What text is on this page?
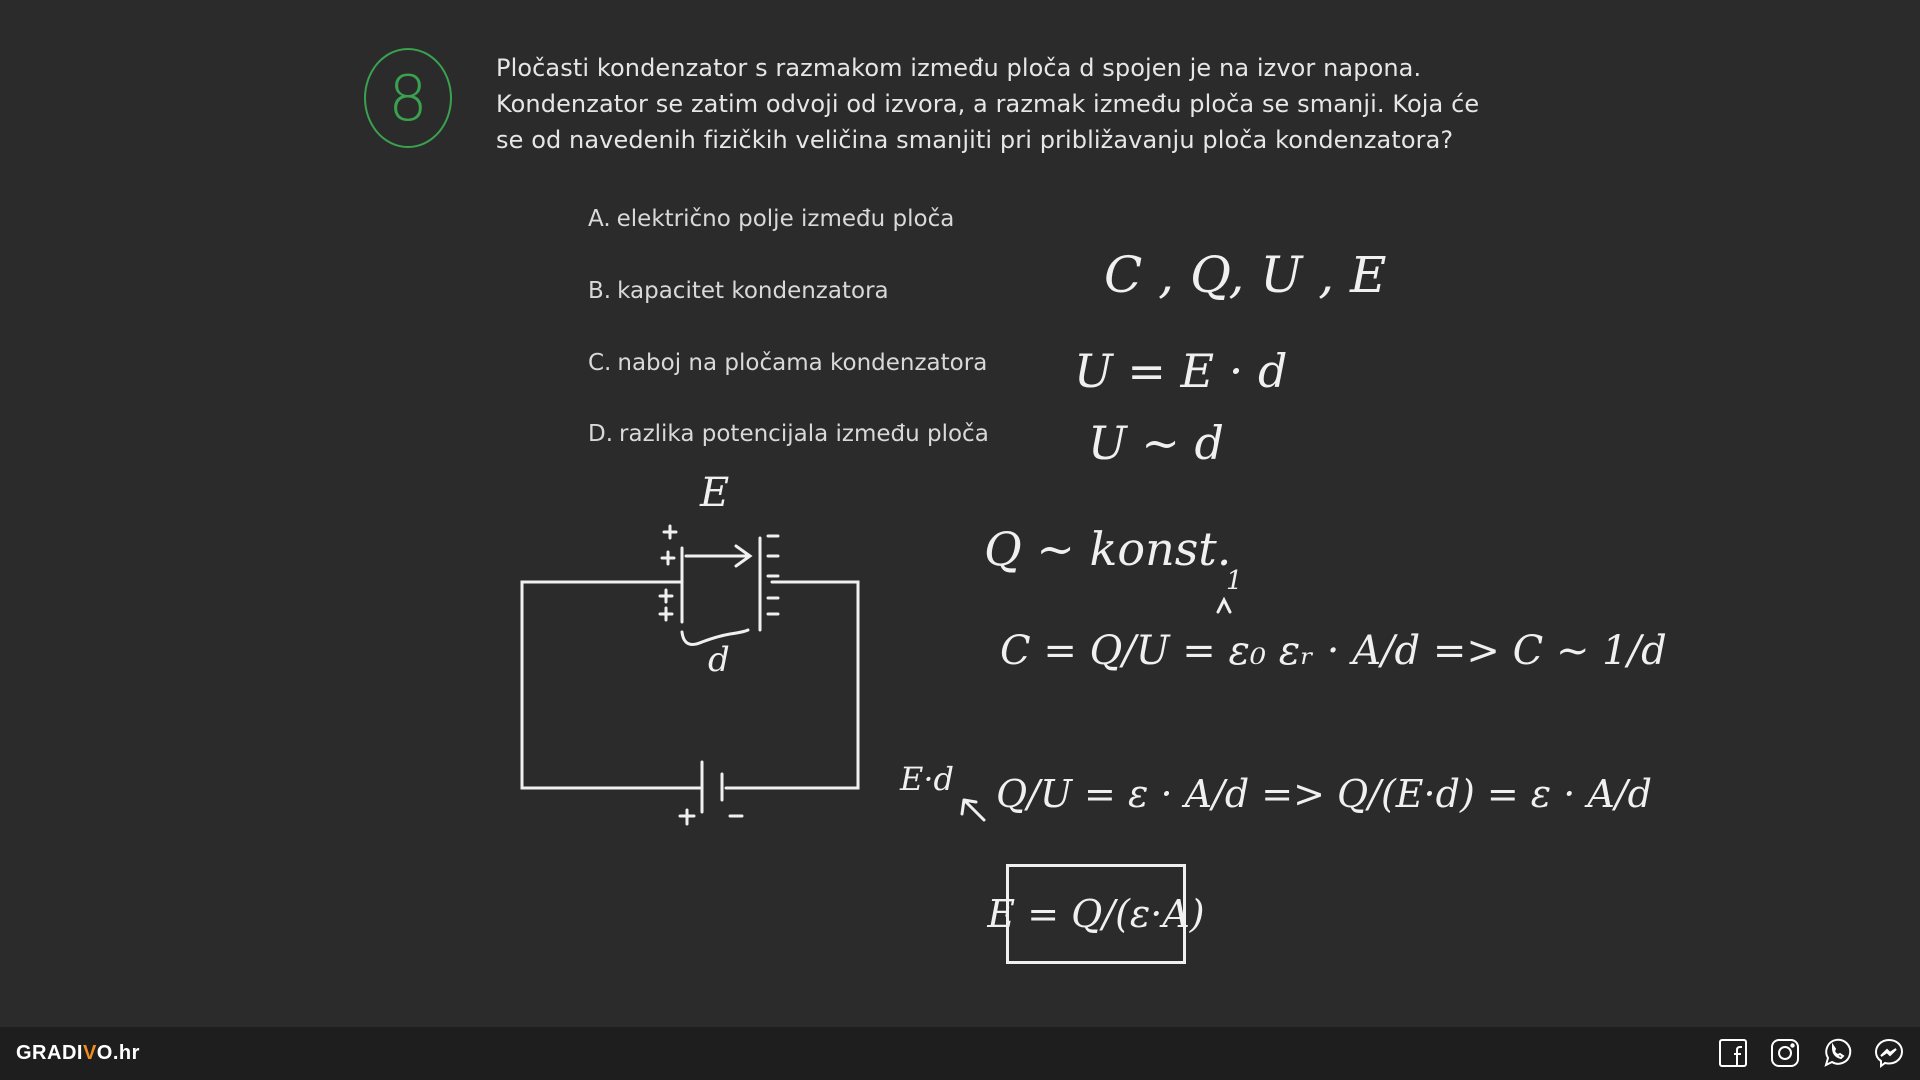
8	Pločasti kondenzator s razmakom između ploča d spojen je na izvor napona.
Kondenzator se zatim odvoji od izvora, a razmak između ploča se smanji. Koja će
se od navedenih fizičkih veličina smanjiti pri približavanju ploča kondenzatora?
A. električno polje između ploča
B. kapacitet kondenzatora
C. naboj na pločama kondenzatora
D. razlika potencijala između ploča
C , Q, U , E
U = E · d
U ~ d
Q ~ konst.
C = Q/U = ε₀ εᵣ · A/d => C ~ 1/d
1
E·d Q/U = ε · A/d => Q/(E·d) = ε · A/d
E = Q/(ε·A)
E
d
GRADIVO.hr
